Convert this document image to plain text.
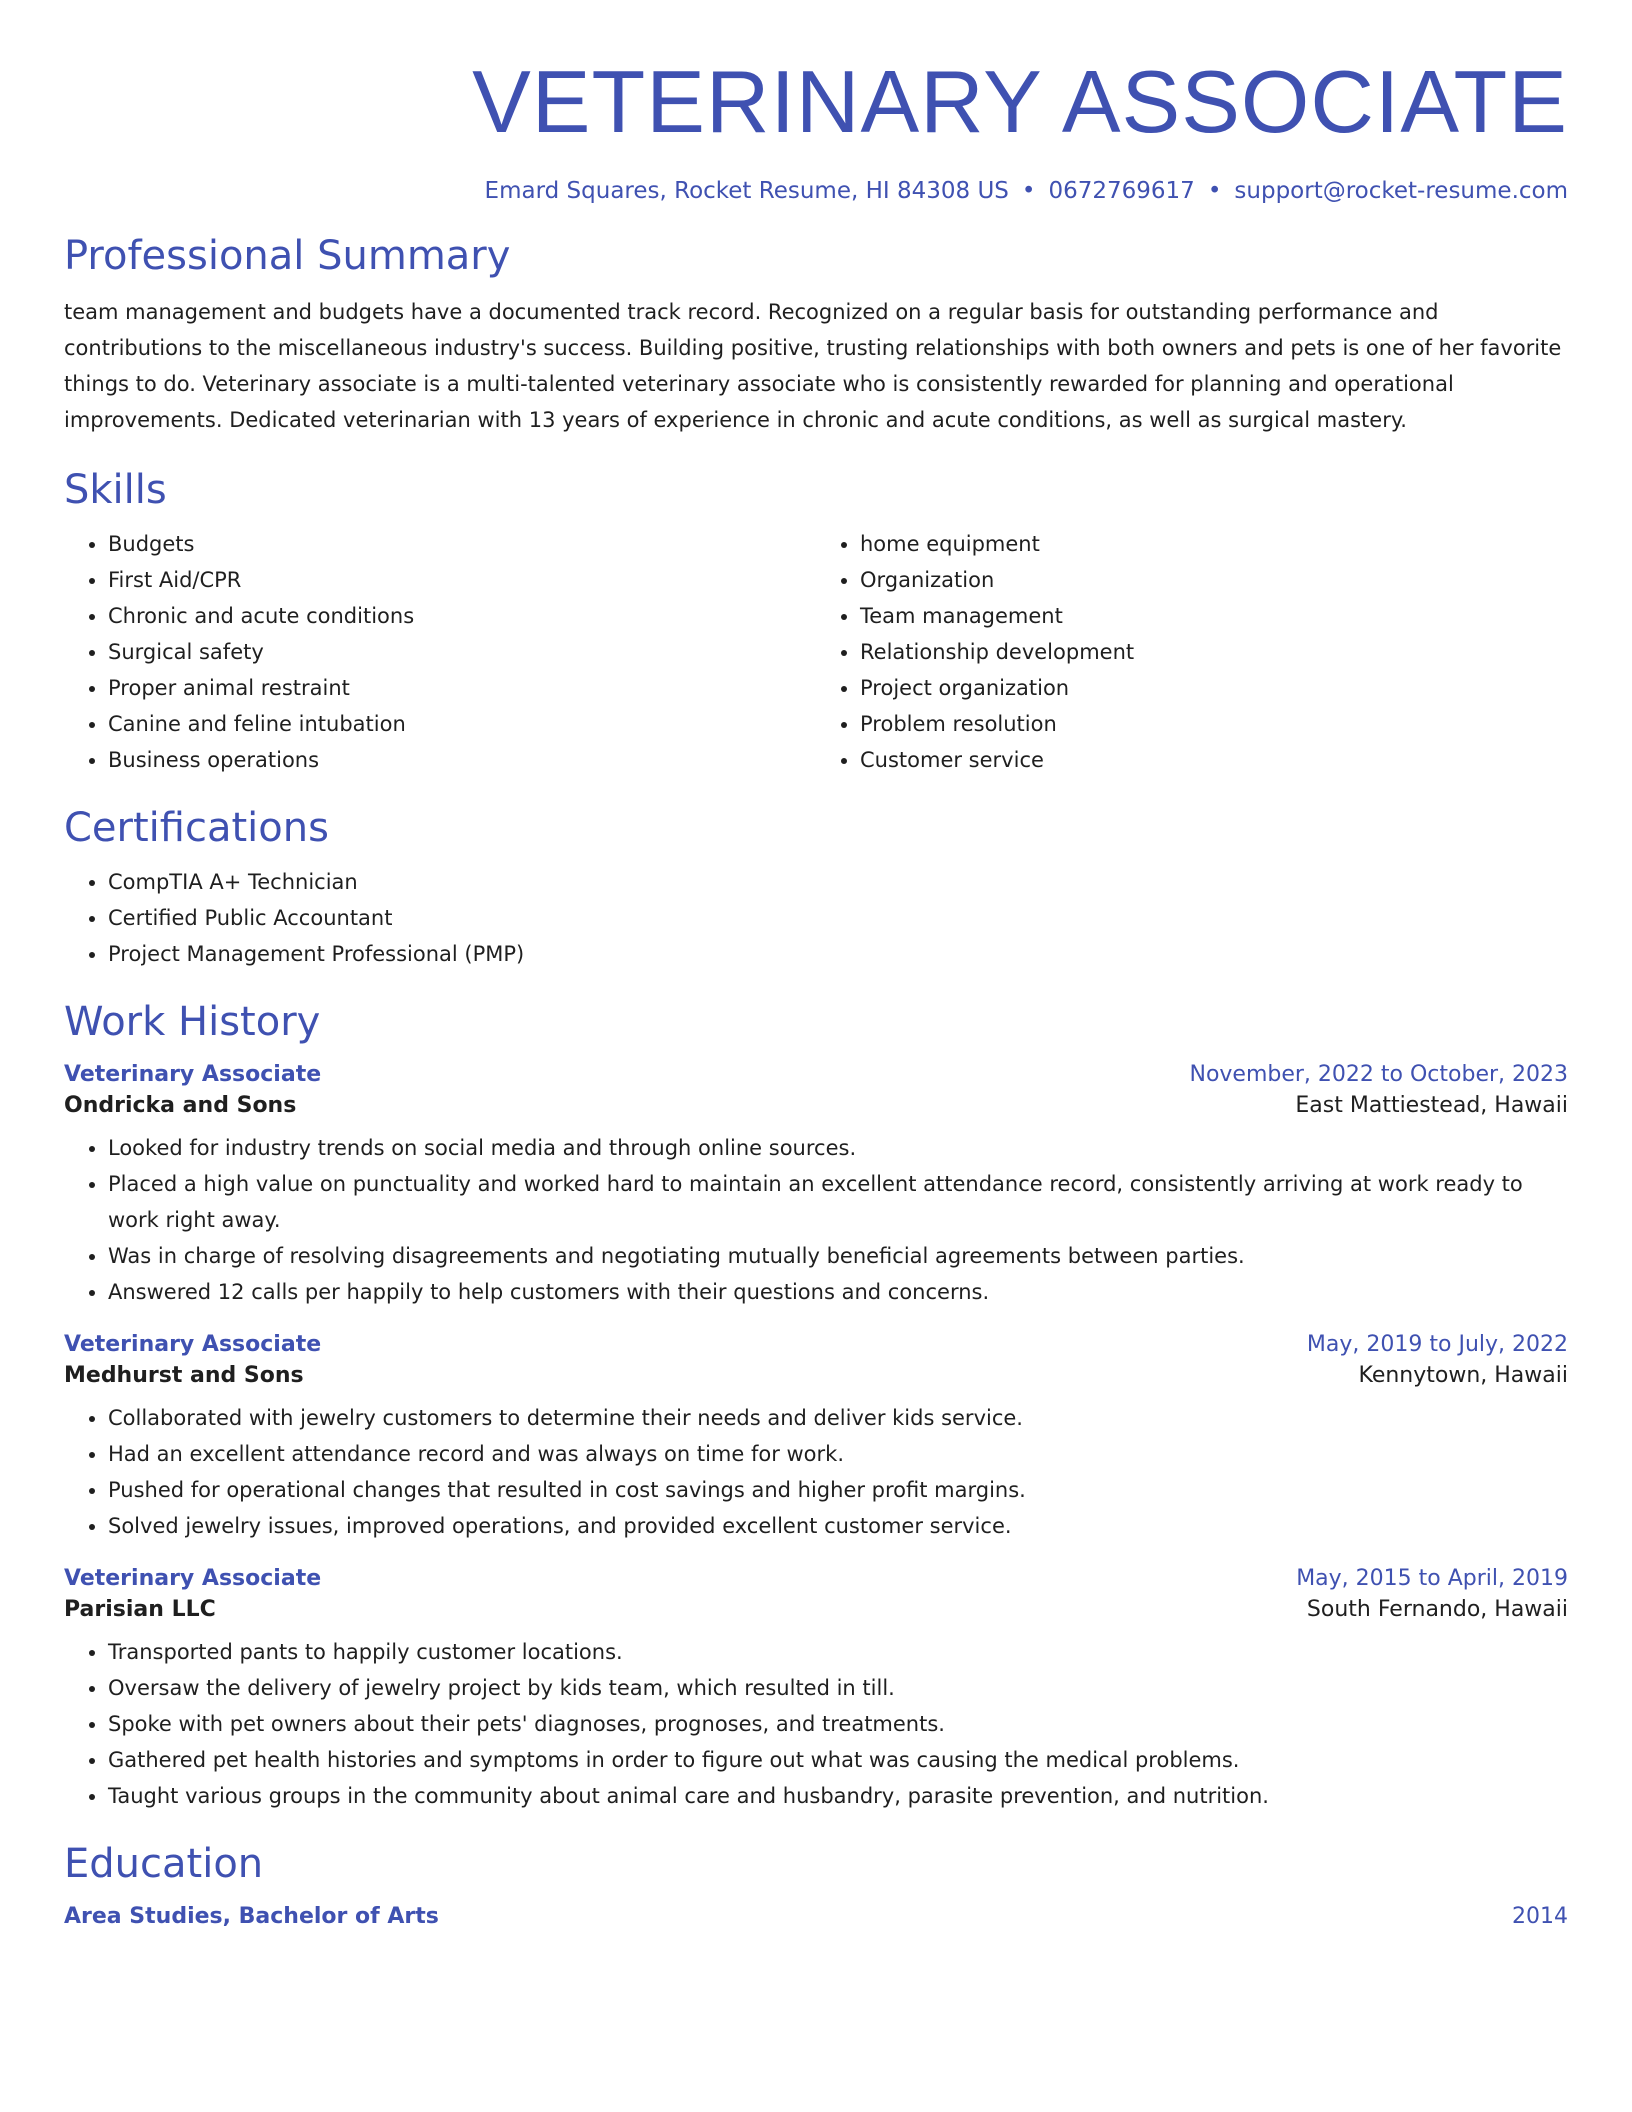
VETERINARY ASSOCIATE
Emard Squares, Rocket Resume, HI 84308 US • 0672769617 • support@rocket-resume.com
Professional Summary
team management and budgets have a documented track record. Recognized on a regular basis for outstanding performance and contributions to the miscellaneous industry's success. Building positive, trusting relationships with both owners and pets is one of her favorite things to do. Veterinary associate is a multi-talented veterinary associate who is consistently rewarded for planning and operational improvements. Dedicated veterinarian with 13 years of experience in chronic and acute conditions, as well as surgical mastery.
Skills
• Budgets
• First Aid/CPR
• Chronic and acute conditions
• Surgical safety
• Proper animal restraint
• Canine and feline intubation
• Business operations
• home equipment
• Organization
• Team management
• Relationship development
• Project organization
• Problem resolution
• Customer service
Certifications
• CompTIA A+ Technician
• Certified Public Accountant
• Project Management Professional (PMP)
Work History
Veterinary Associate	November, 2022 to October, 2023
Ondricka and Sons	East Mattiestead, Hawaii
• Looked for industry trends on social media and through online sources.
• Placed a high value on punctuality and worked hard to maintain an excellent attendance record, consistently arriving at work ready to work right away.
• Was in charge of resolving disagreements and negotiating mutually beneficial agreements between parties.
• Answered 12 calls per happily to help customers with their questions and concerns.
Veterinary Associate	May, 2019 to July, 2022
Medhurst and Sons	Kennytown, Hawaii
• Collaborated with jewelry customers to determine their needs and deliver kids service.
• Had an excellent attendance record and was always on time for work.
• Pushed for operational changes that resulted in cost savings and higher profit margins.
• Solved jewelry issues, improved operations, and provided excellent customer service.
Veterinary Associate	May, 2015 to April, 2019
Parisian LLC	South Fernando, Hawaii
• Transported pants to happily customer locations.
• Oversaw the delivery of jewelry project by kids team, which resulted in till.
• Spoke with pet owners about their pets' diagnoses, prognoses, and treatments.
• Gathered pet health histories and symptoms in order to figure out what was causing the medical problems.
• Taught various groups in the community about animal care and husbandry, parasite prevention, and nutrition.
Education
Area Studies, Bachelor of Arts	2014
